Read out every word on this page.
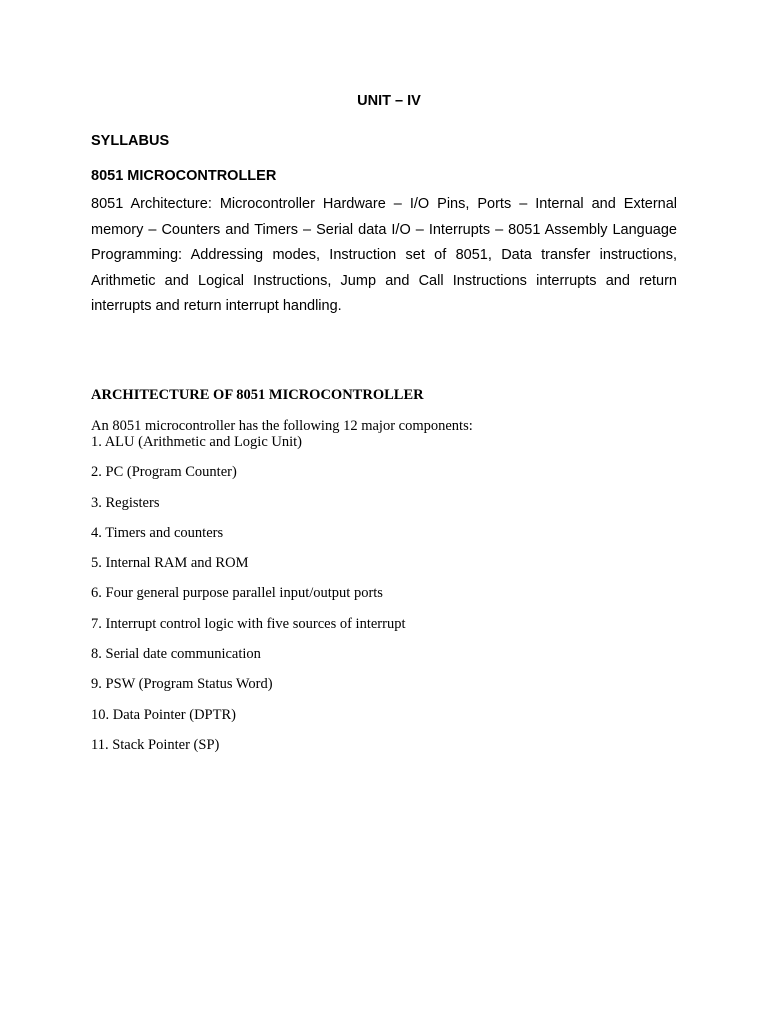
UNIT – IV
SYLLABUS
8051 MICROCONTROLLER

8051 Architecture: Microcontroller Hardware – I/O Pins, Ports – Internal and External memory – Counters and Timers – Serial data I/O – Interrupts – 8051 Assembly Language Programming: Addressing modes, Instruction set of 8051, Data transfer instructions, Arithmetic and Logical Instructions, Jump and Call Instructions interrupts and return interrupts and return interrupt handling.

ARCHITECTURE OF 8051 MICROCONTROLLER
An 8051 microcontroller has the following 12 major components:
1. ALU (Arithmetic and Logic Unit)
2. PC (Program Counter)
3. Registers
4. Timers and counters
5. Internal RAM and ROM
6. Four general purpose parallel input/output ports
7. Interrupt control logic with five sources of interrupt
8. Serial date communication
9. PSW (Program Status Word)
10. Data Pointer (DPTR)
11. Stack Pointer (SP)
